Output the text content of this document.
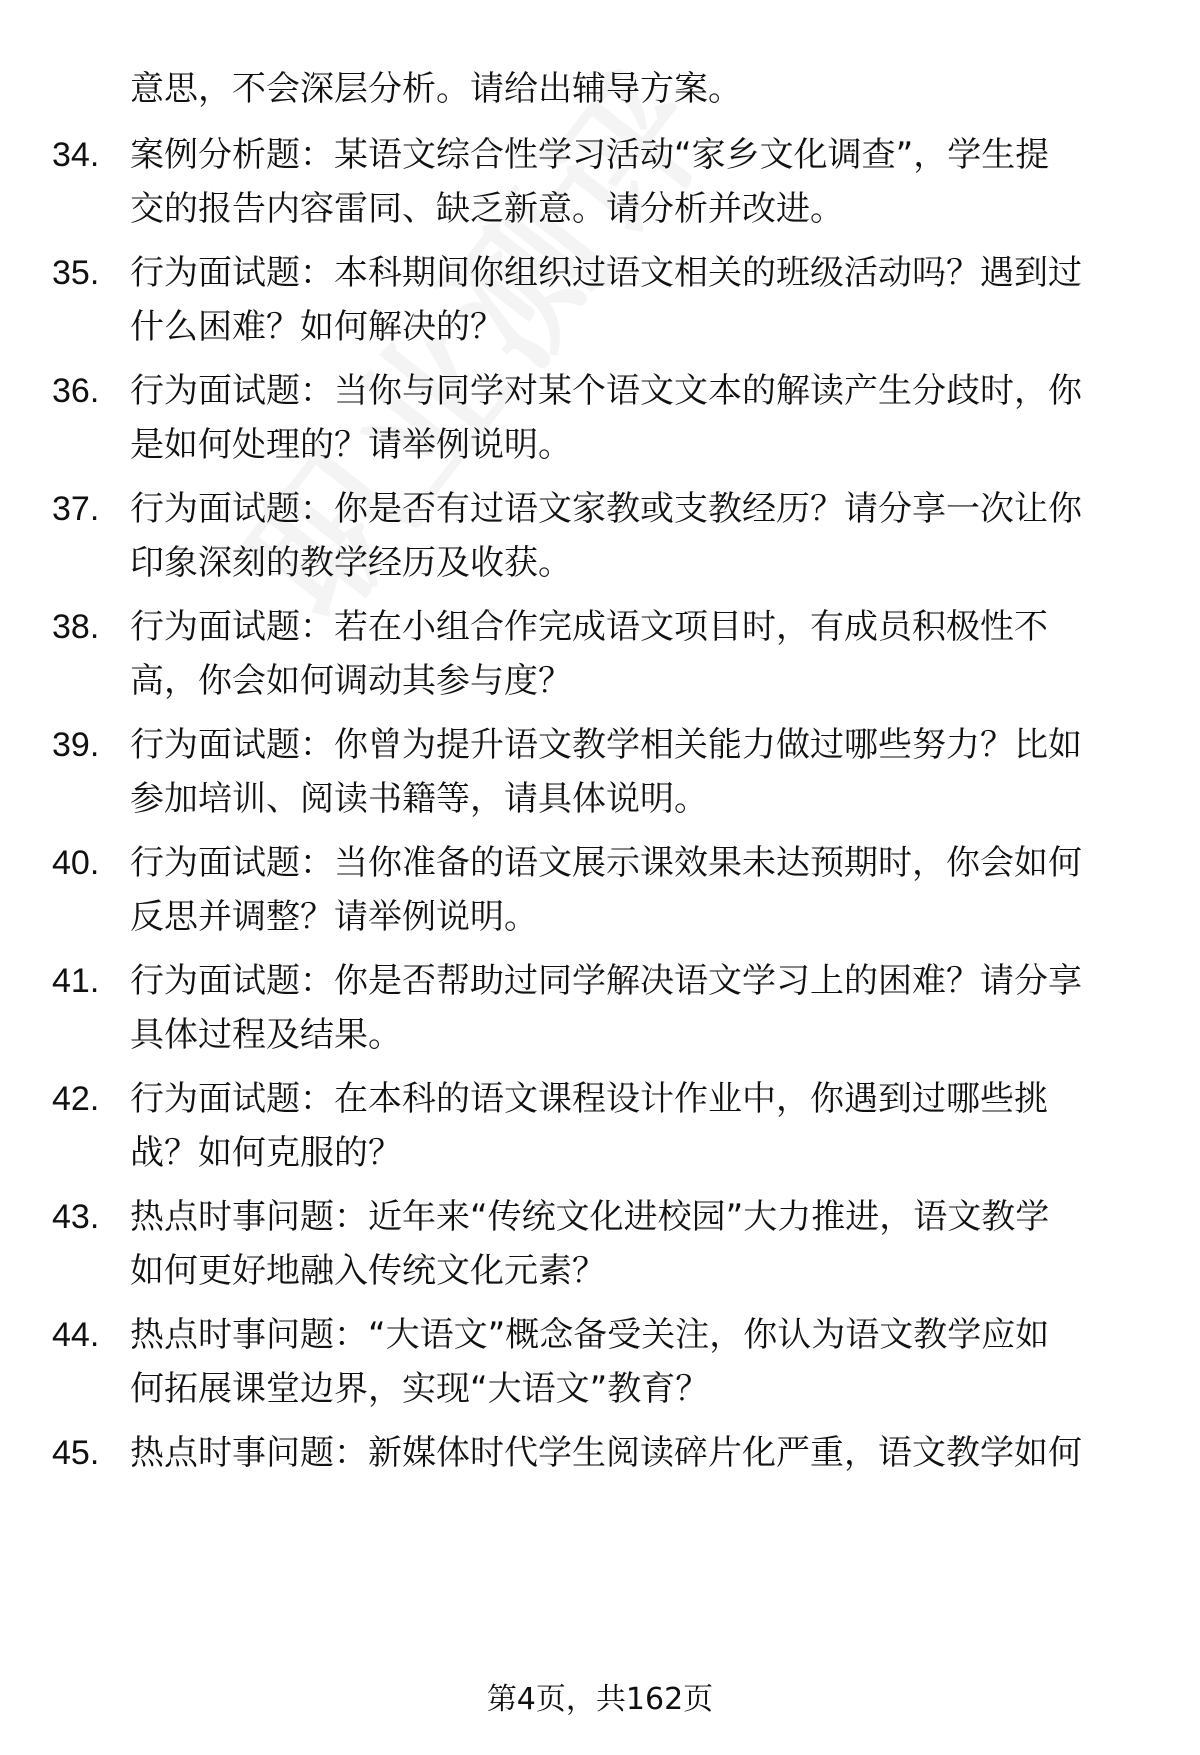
意思，不会深层分析。请给出辅导方案。
34. 案例分析题：某语文综合性学习活动“家乡文化调查”，学生提
交的报告内容雷同、缺乏新意。请分析并改进。
35. 行为面试题：本科期间你组织过语文相关的班级活动吗？遇到过
什么困难？如何解决的？
36. 行为面试题：当你与同学对某个语文文本的解读产生分歧时，你
是如何处理的？请举例说明。
37. 行为面试题：你是否有过语文家教或支教经历？请分享一次让你
印象深刻的教学经历及收获。
38. 行为面试题：若在小组合作完成语文项目时，有成员积极性不
高，你会如何调动其参与度？
39. 行为面试题：你曾为提升语文教学相关能力做过哪些努力？比如
参加培训、阅读书籍等，请具体说明。
40. 行为面试题：当你准备的语文展示课效果未达预期时，你会如何
反思并调整？请举例说明。
41. 行为面试题：你是否帮助过同学解决语文学习上的困难？请分享
具体过程及结果。
42. 行为面试题：在本科的语文课程设计作业中，你遇到过哪些挑
战？如何克服的？
43. 热点时事问题：近年来“传统文化进校园”大力推进，语文教学
如何更好地融入传统文化元素？
44. 热点时事问题：“大语文”概念备受关注，你认为语文教学应如
何拓展课堂边界，实现“大语文”教育？
45. 热点时事问题：新媒体时代学生阅读碎片化严重，语文教学如何
第4页，共162页
